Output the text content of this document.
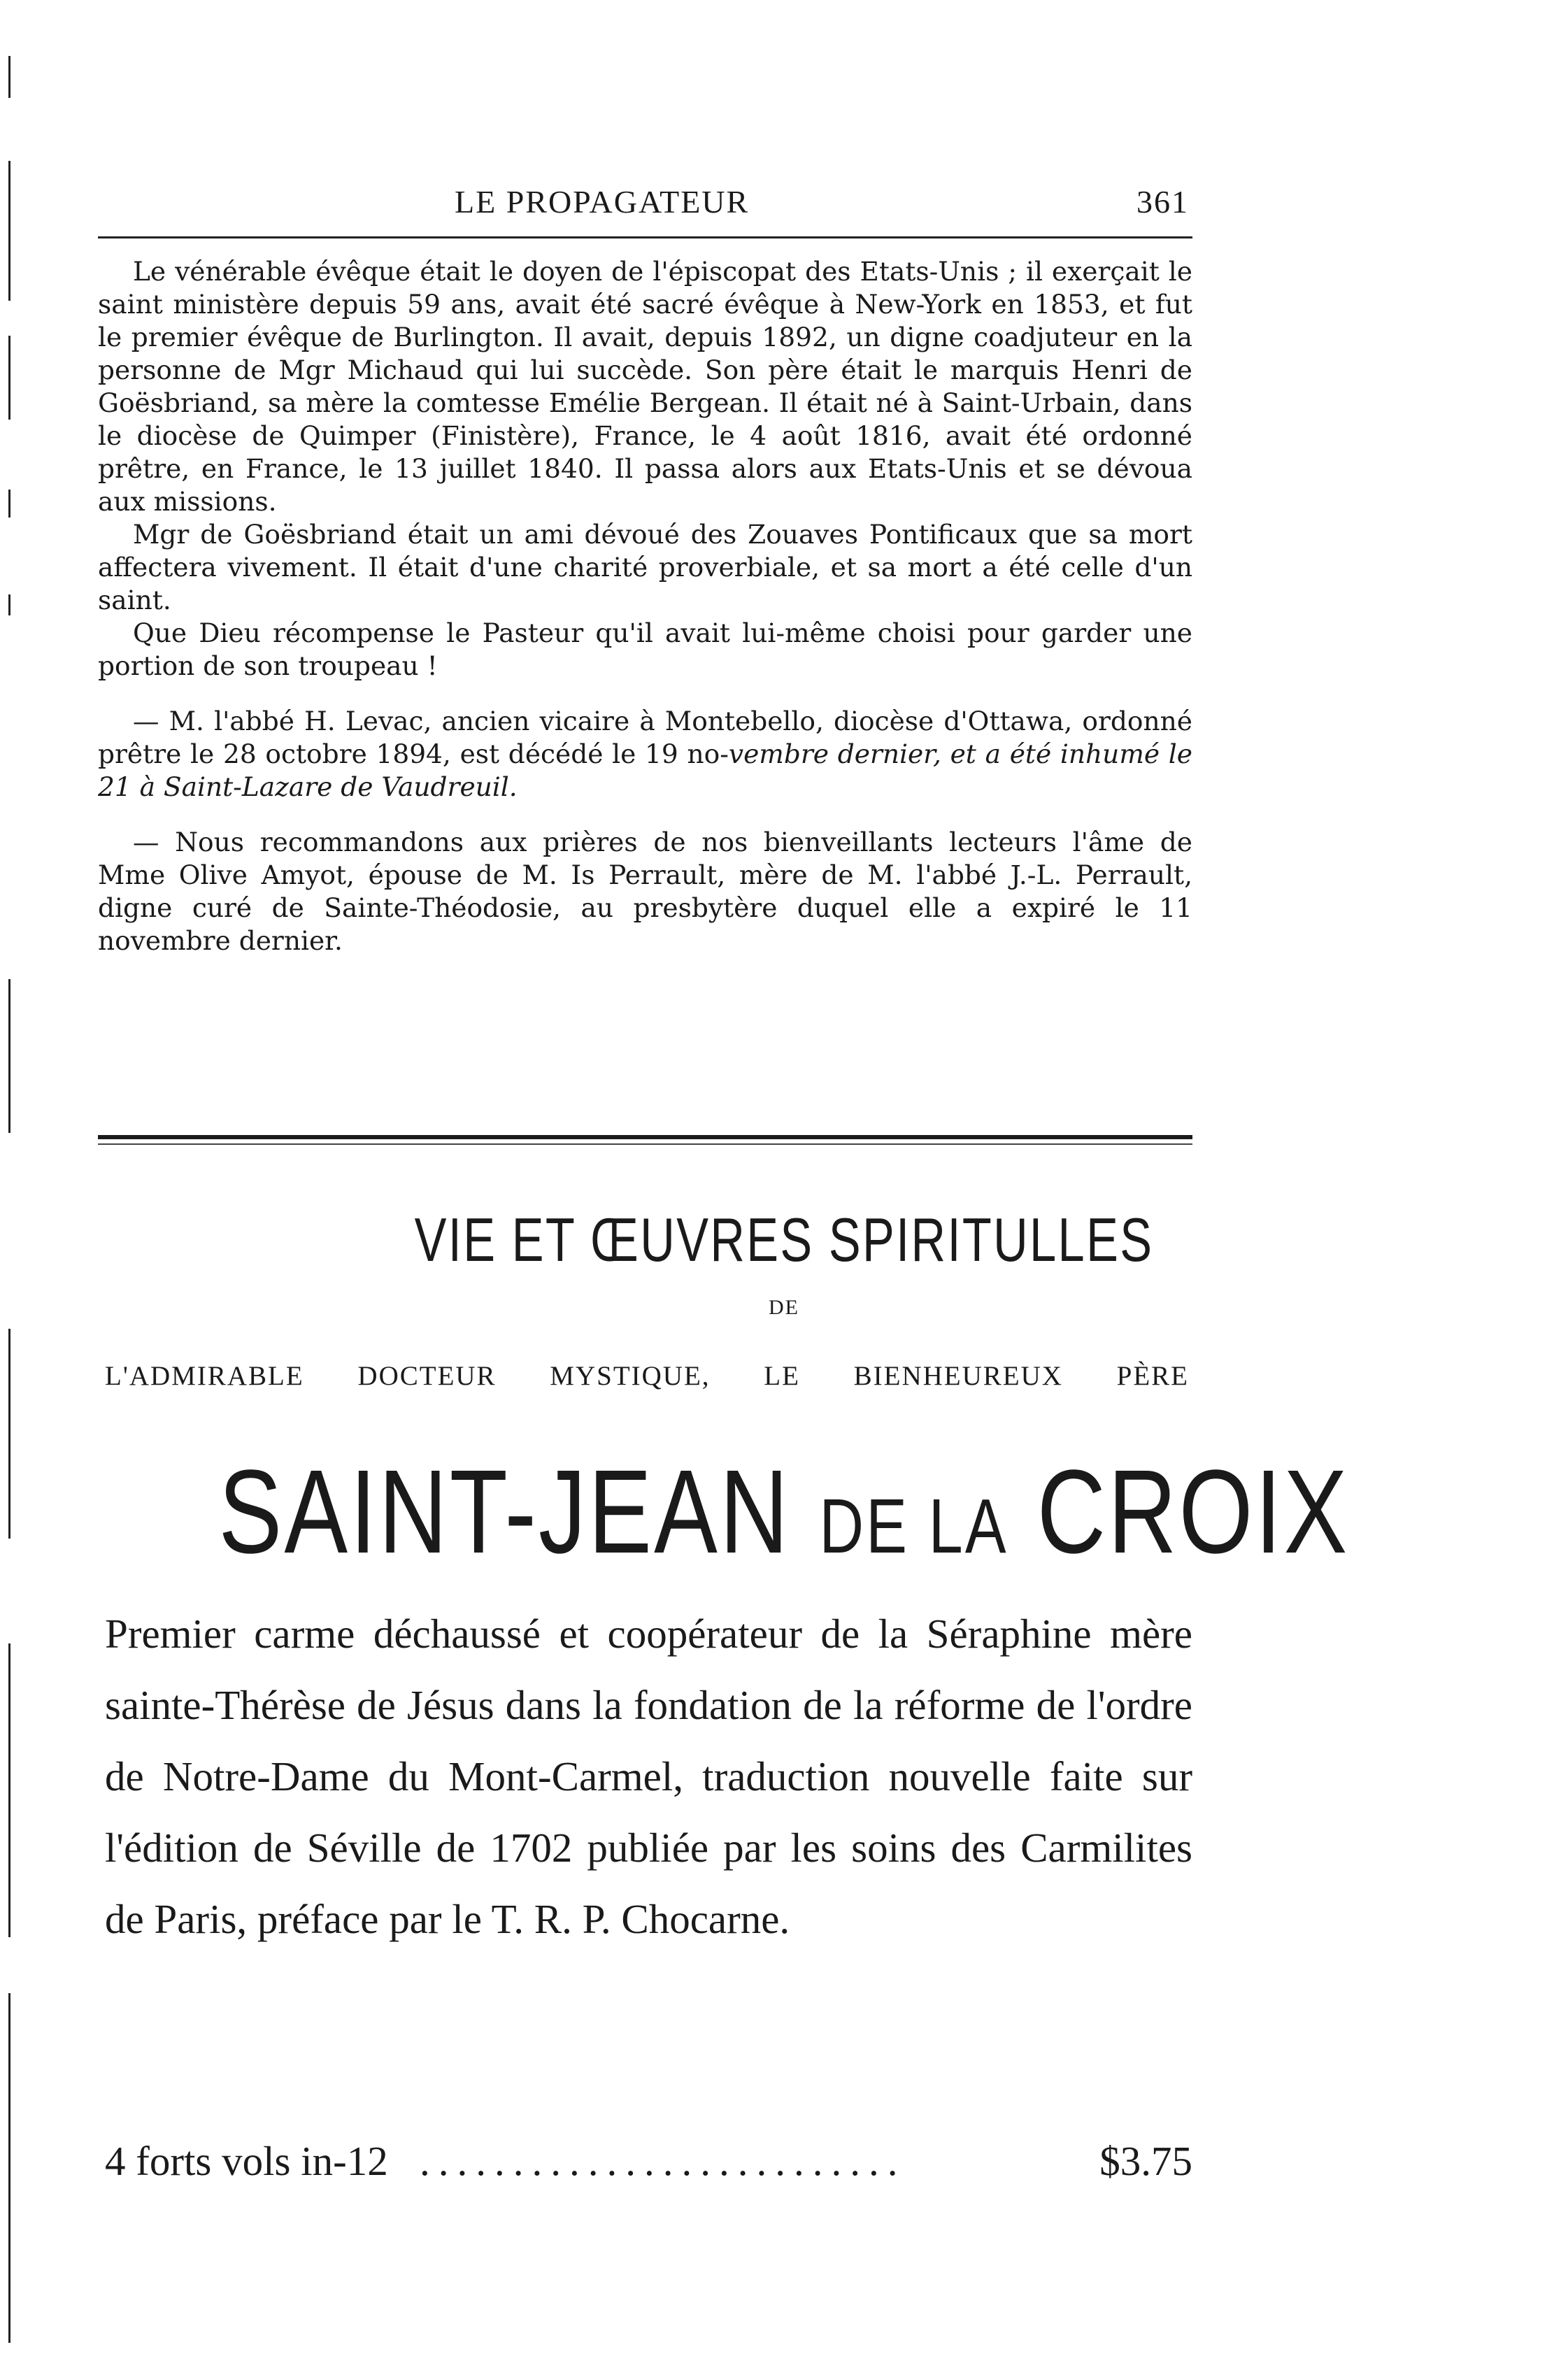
LE PROPAGATEUR	361

Le vénérable évêque était le doyen de l'épiscopat des Etats-Unis ; il exerçait le saint ministère depuis 59 ans, avait été sacré évêque à New-York en 1853, et fut le premier évêque de Burlington. Il avait, depuis 1892, un digne coadjuteur en la personne de Mgr Michaud qui lui succède. Son père était le marquis Henri de Goësbriand, sa mère la comtesse Emélie Bergean. Il était né à Saint-Urbain, dans le diocèse de Quimper (Finistère), France, le 4 août 1816, avait été ordonné prêtre, en France, le 13 juillet 1840. Il passa alors aux Etats-Unis et se dévoua aux missions.

Mgr de Goësbriand était un ami dévoué des Zouaves Pontificaux que sa mort affectera vivement. Il était d'une charité proverbiale, et sa mort a été celle d'un saint.

Que Dieu récompense le Pasteur qu'il avait lui-même choisi pour garder une portion de son troupeau !

— M. l'abbé H. Levac, ancien vicaire à Montebello, diocèse d'Ottawa, ordonné prêtre le 28 octobre 1894, est décédé le 19 no-vembre dernier, et a été inhumé le 21 à Saint-Lazare de Vaudreuil.

— Nous recommandons aux prières de nos bienveillants lecteurs l'âme de Mme Olive Amyot, épouse de M. Is Perrault, mère de M. l'abbé J.-L. Perrault, digne curé de Sainte-Théodosie, au presbytère duquel elle a expiré le 11 novembre dernier.

VIE ET ŒUVRES SPIRITULLES
DE
L'ADMIRABLE DOCTEUR MYSTIQUE, LE BIENHEUREUX PÈRE
SAINT-JEAN DE LA CROIX
Premier carme déchaussé et coopérateur de la Séraphine mère sainte-Thérèse de Jésus dans la fondation de la réforme de l'ordre de Notre-Dame du Mont-Carmel, traduction nouvelle faite sur l'édition de Séville de 1702 publiée par les soins des Carmilites de Paris, préface par le T. R. P. Chocarne.
4 forts vols in-12 ..........................	$3.75
